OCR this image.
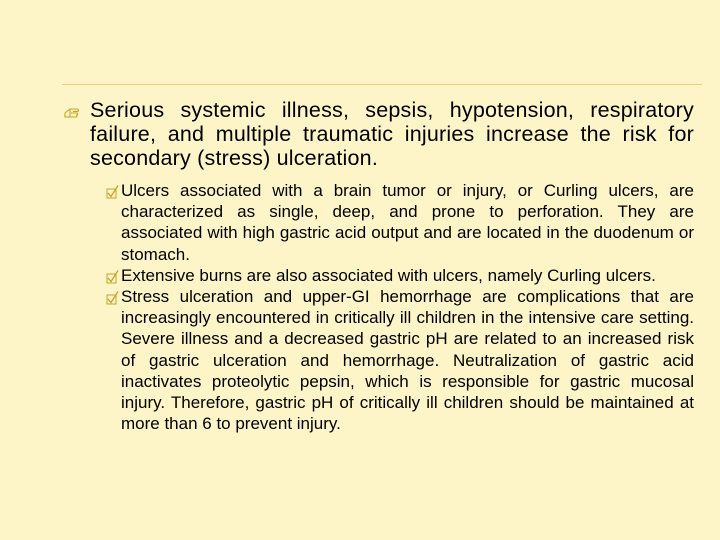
Serious systemic illness, sepsis, hypotension, respiratory failure, and multiple traumatic injuries increase the risk for secondary (stress) ulceration.
Ulcers associated with a brain tumor or injury, or Curling ulcers, are characterized as single, deep, and prone to perforation. They are associated with high gastric acid output and are located in the duodenum or stomach.
Extensive burns are also associated with ulcers, namely Curling ulcers.
Stress ulceration and upper-GI hemorrhage are complications that are increasingly encountered in critically ill children in the intensive care setting. Severe illness and a decreased gastric pH are related to an increased risk of gastric ulceration and hemorrhage. Neutralization of gastric acid inactivates proteolytic pepsin, which is responsible for gastric mucosal injury. Therefore, gastric pH of critically ill children should be maintained at more than 6 to prevent injury.
